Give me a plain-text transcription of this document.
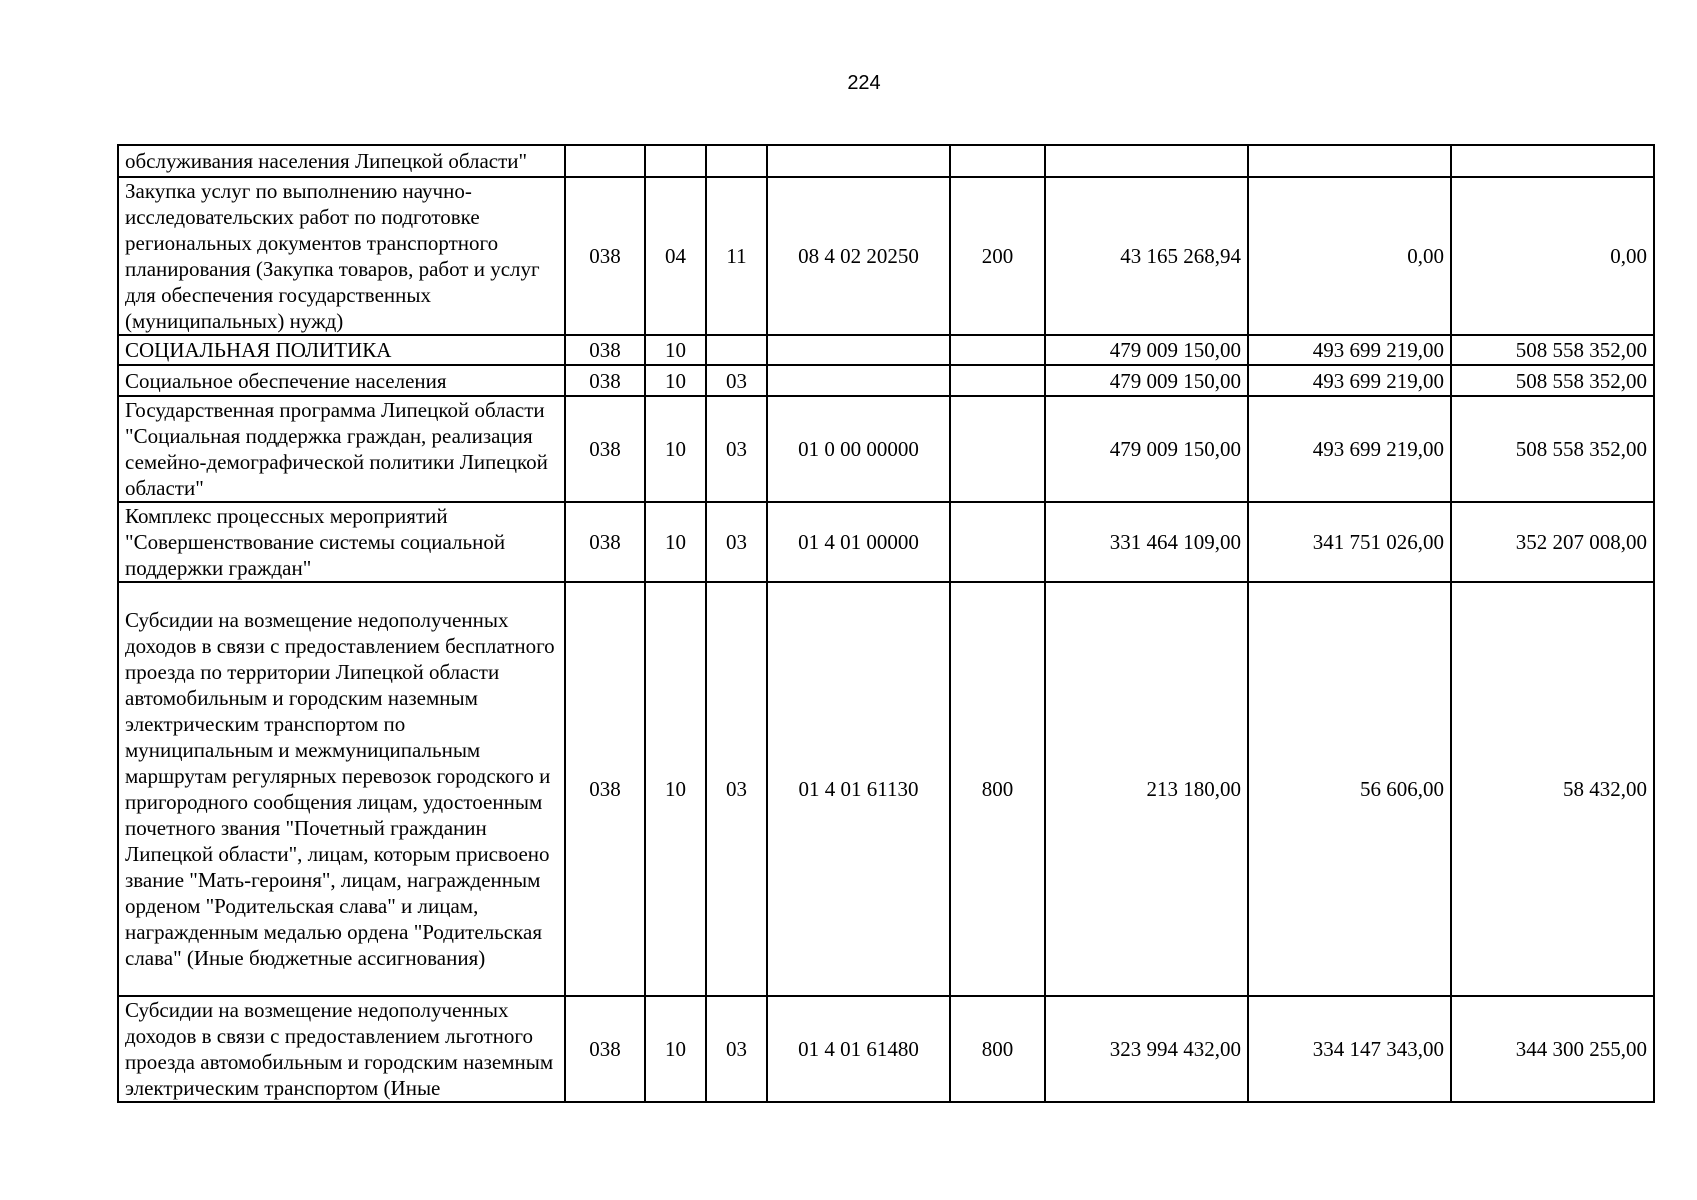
224
обслуживания населения Липецкой области"								
Закупка услуг по выполнению научно-исследовательских работ по подготовке региональных документов транспортного планирования (Закупка товаров, работ и услуг для обеспечения государственных (муниципальных) нужд)	038	04	11	08 4 02 20250	200	43 165 268,94	0,00	0,00
СОЦИАЛЬНАЯ ПОЛИТИКА	038	10				479 009 150,00	493 699 219,00	508 558 352,00
Социальное обеспечение населения	038	10	03			479 009 150,00	493 699 219,00	508 558 352,00
Государственная программа Липецкой области "Социальная поддержка граждан, реализация семейно-демографической политики Липецкой области"	038	10	03	01 0 00 00000		479 009 150,00	493 699 219,00	508 558 352,00
Комплекс процессных мероприятий "Совершенствование системы социальной поддержки граждан"	038	10	03	01 4 01 00000		331 464 109,00	341 751 026,00	352 207 008,00
Субсидии на возмещение недополученных доходов в связи с предоставлением бесплатного проезда по территории Липецкой области автомобильным и городским наземным электрическим транспортом по муниципальным и межмуниципальным маршрутам регулярных перевозок городского и пригородного сообщения лицам, удостоенным почетного звания "Почетный гражданин Липецкой области", лицам, которым присвоено звание "Мать-героиня", лицам, награжденным орденом "Родительская слава" и лицам, награжденным медалью ордена "Родительская слава" (Иные бюджетные ассигнования)	038	10	03	01 4 01 61130	800	213 180,00	56 606,00	58 432,00
Субсидии на возмещение недополученных доходов в связи с предоставлением льготного проезда автомобильным и городским наземным электрическим транспортом (Иные	038	10	03	01 4 01 61480	800	323 994 432,00	334 147 343,00	344 300 255,00
